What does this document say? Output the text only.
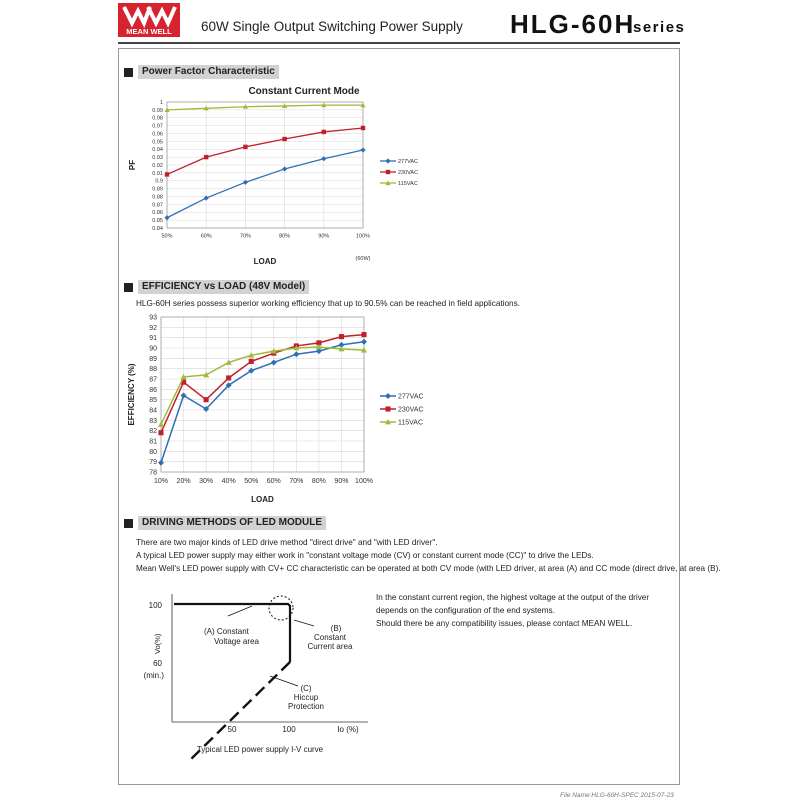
MEAN WELL 60W Single Output Switching Power Supply HLG-60H
series
Power Factor Characteristic
Constant Current Mode
0.84
0.85
0.86
0.87
0.88
0.89
0.9
0.91
0.92
0.93
0.94
0.95
0.96
0.97
0.98
0.99
1
50%	60%	70%	80%	90%	100%
277VAC
230VAC
115VAC
LOAD
PF
(60W)
EFFICIENCY vs LOAD (48V Model)
HLG-60H series possess superior working efficiency that up to 90.5% can be reached in field applications.
78
79
80
81
82
83
84
85
86
87
88
89
90
91
92
93
10% 20% 30% 40% 50% 60% 70% 80% 90% 100%
277VAC
230VAC
115VAC
LOAD
EFFICIENCY (%)
DRIVING METHODS OF LED MODULE
There are two major kinds of LED drive method "direct drive" and "with LED driver".
A typical LED power supply may either work in "constant voltage mode (CV) or constant current mode (CC)" to drive the LEDs.
Mean Well's LED power supply with CV+ CC characteristic can be operated at both CV mode (with LED driver, at area (A) and CC mode (direct drive, at area (B).
In the constant current region, the highest voltage at the output of the driver
depends on the configuration of the end systems.
Should there be any compatibility issues, please contact MEAN WELL.
100
60
(min.)
Vo(%)
50	100	Io (%)
(A) Constant
Voltage area
(B)
Constant
Current area
(C)
Hiccup
Protection
Typical LED power supply I-V curve
File Name:HLG-60H-SPEC 2015-07-23
